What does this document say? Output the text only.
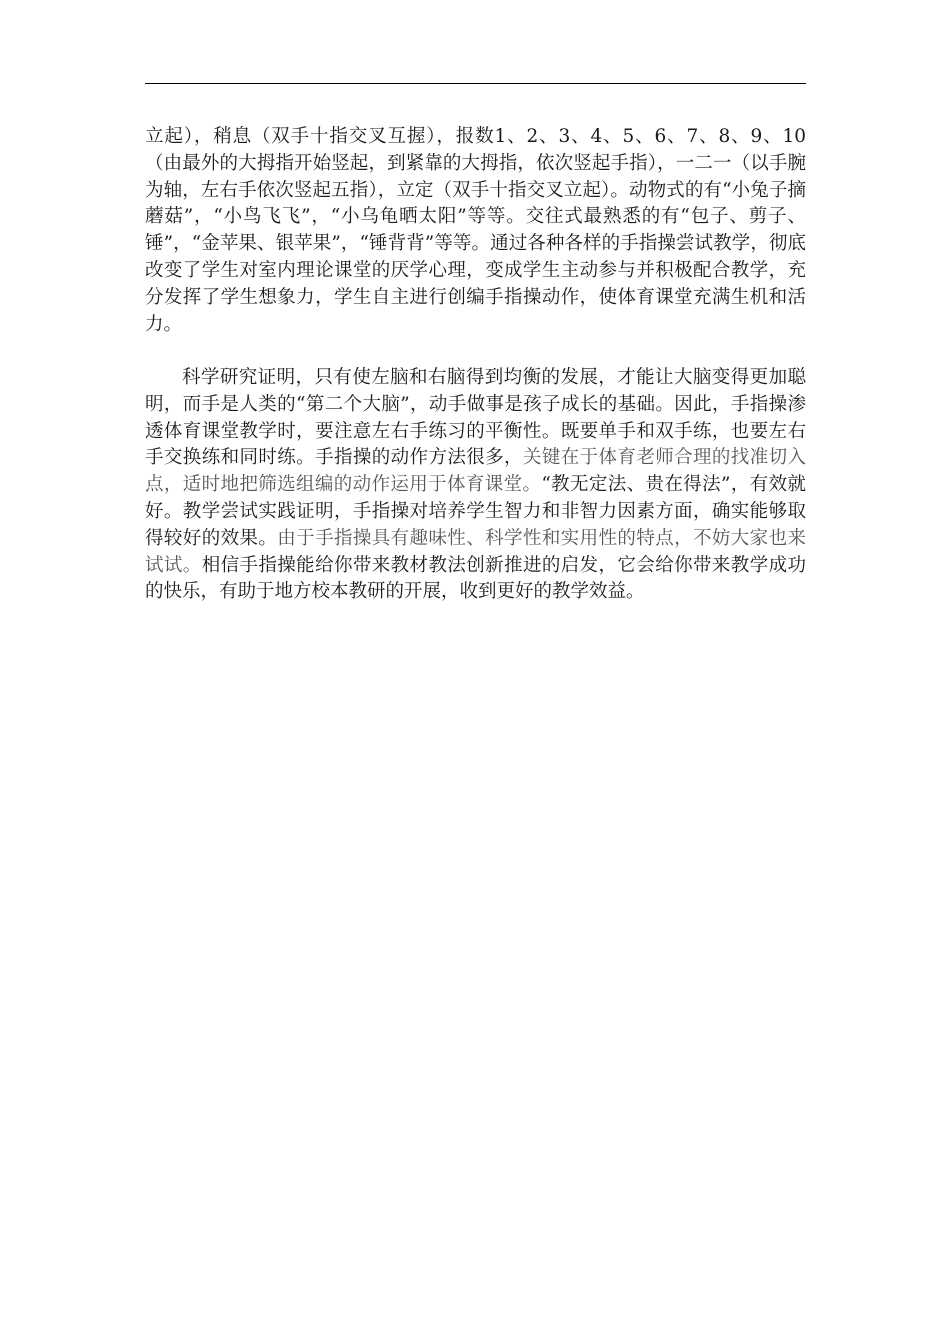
立起），稍息（双手十指交叉互握），报数1、2、3、4、5、6、7、8、9、10（由最外的大拇指开始竖起，到紧靠的大拇指，依次竖起手指），一二一（以手腕为轴，左右手依次竖起五指），立定（双手十指交叉立起）。动物式的有“小兔子摘蘑菇”，“小鸟飞飞”，“小乌龟晒太阳”等等。交往式最熟悉的有“包子、剪子、锤”，“金苹果、银苹果”，“锤背背”等等。通过各种各样的手指操尝试教学，彻底改变了学生对室内理论课堂的厌学心理，变成学生主动参与并积极配合教学，充分发挥了学生想象力，学生自主进行创编手指操动作，使体育课堂充满生机和活力。

科学研究证明，只有使左脑和右脑得到均衡的发展，才能让大脑变得更加聪明，而手是人类的“第二个大脑”，动手做事是孩子成长的基础。因此，手指操渗透体育课堂教学时，要注意左右手练习的平衡性。既要单手和双手练，也要左右手交换练和同时练。手指操的动作方法很多，关键在于体育老师合理的找准切入点，适时地把筛选组编的动作运用于体育课堂。“教无定法、贵在得法”，有效就好。教学尝试实践证明，手指操对培养学生智力和非智力因素方面，确实能够取得较好的效果。由于手指操具有趣味性、科学性和实用性的特点，不妨大家也来试试。相信手指操能给你带来教材教法创新推进的启发，它会给你带来教学成功的快乐，有助于地方校本教研的开展，收到更好的教学效益。
